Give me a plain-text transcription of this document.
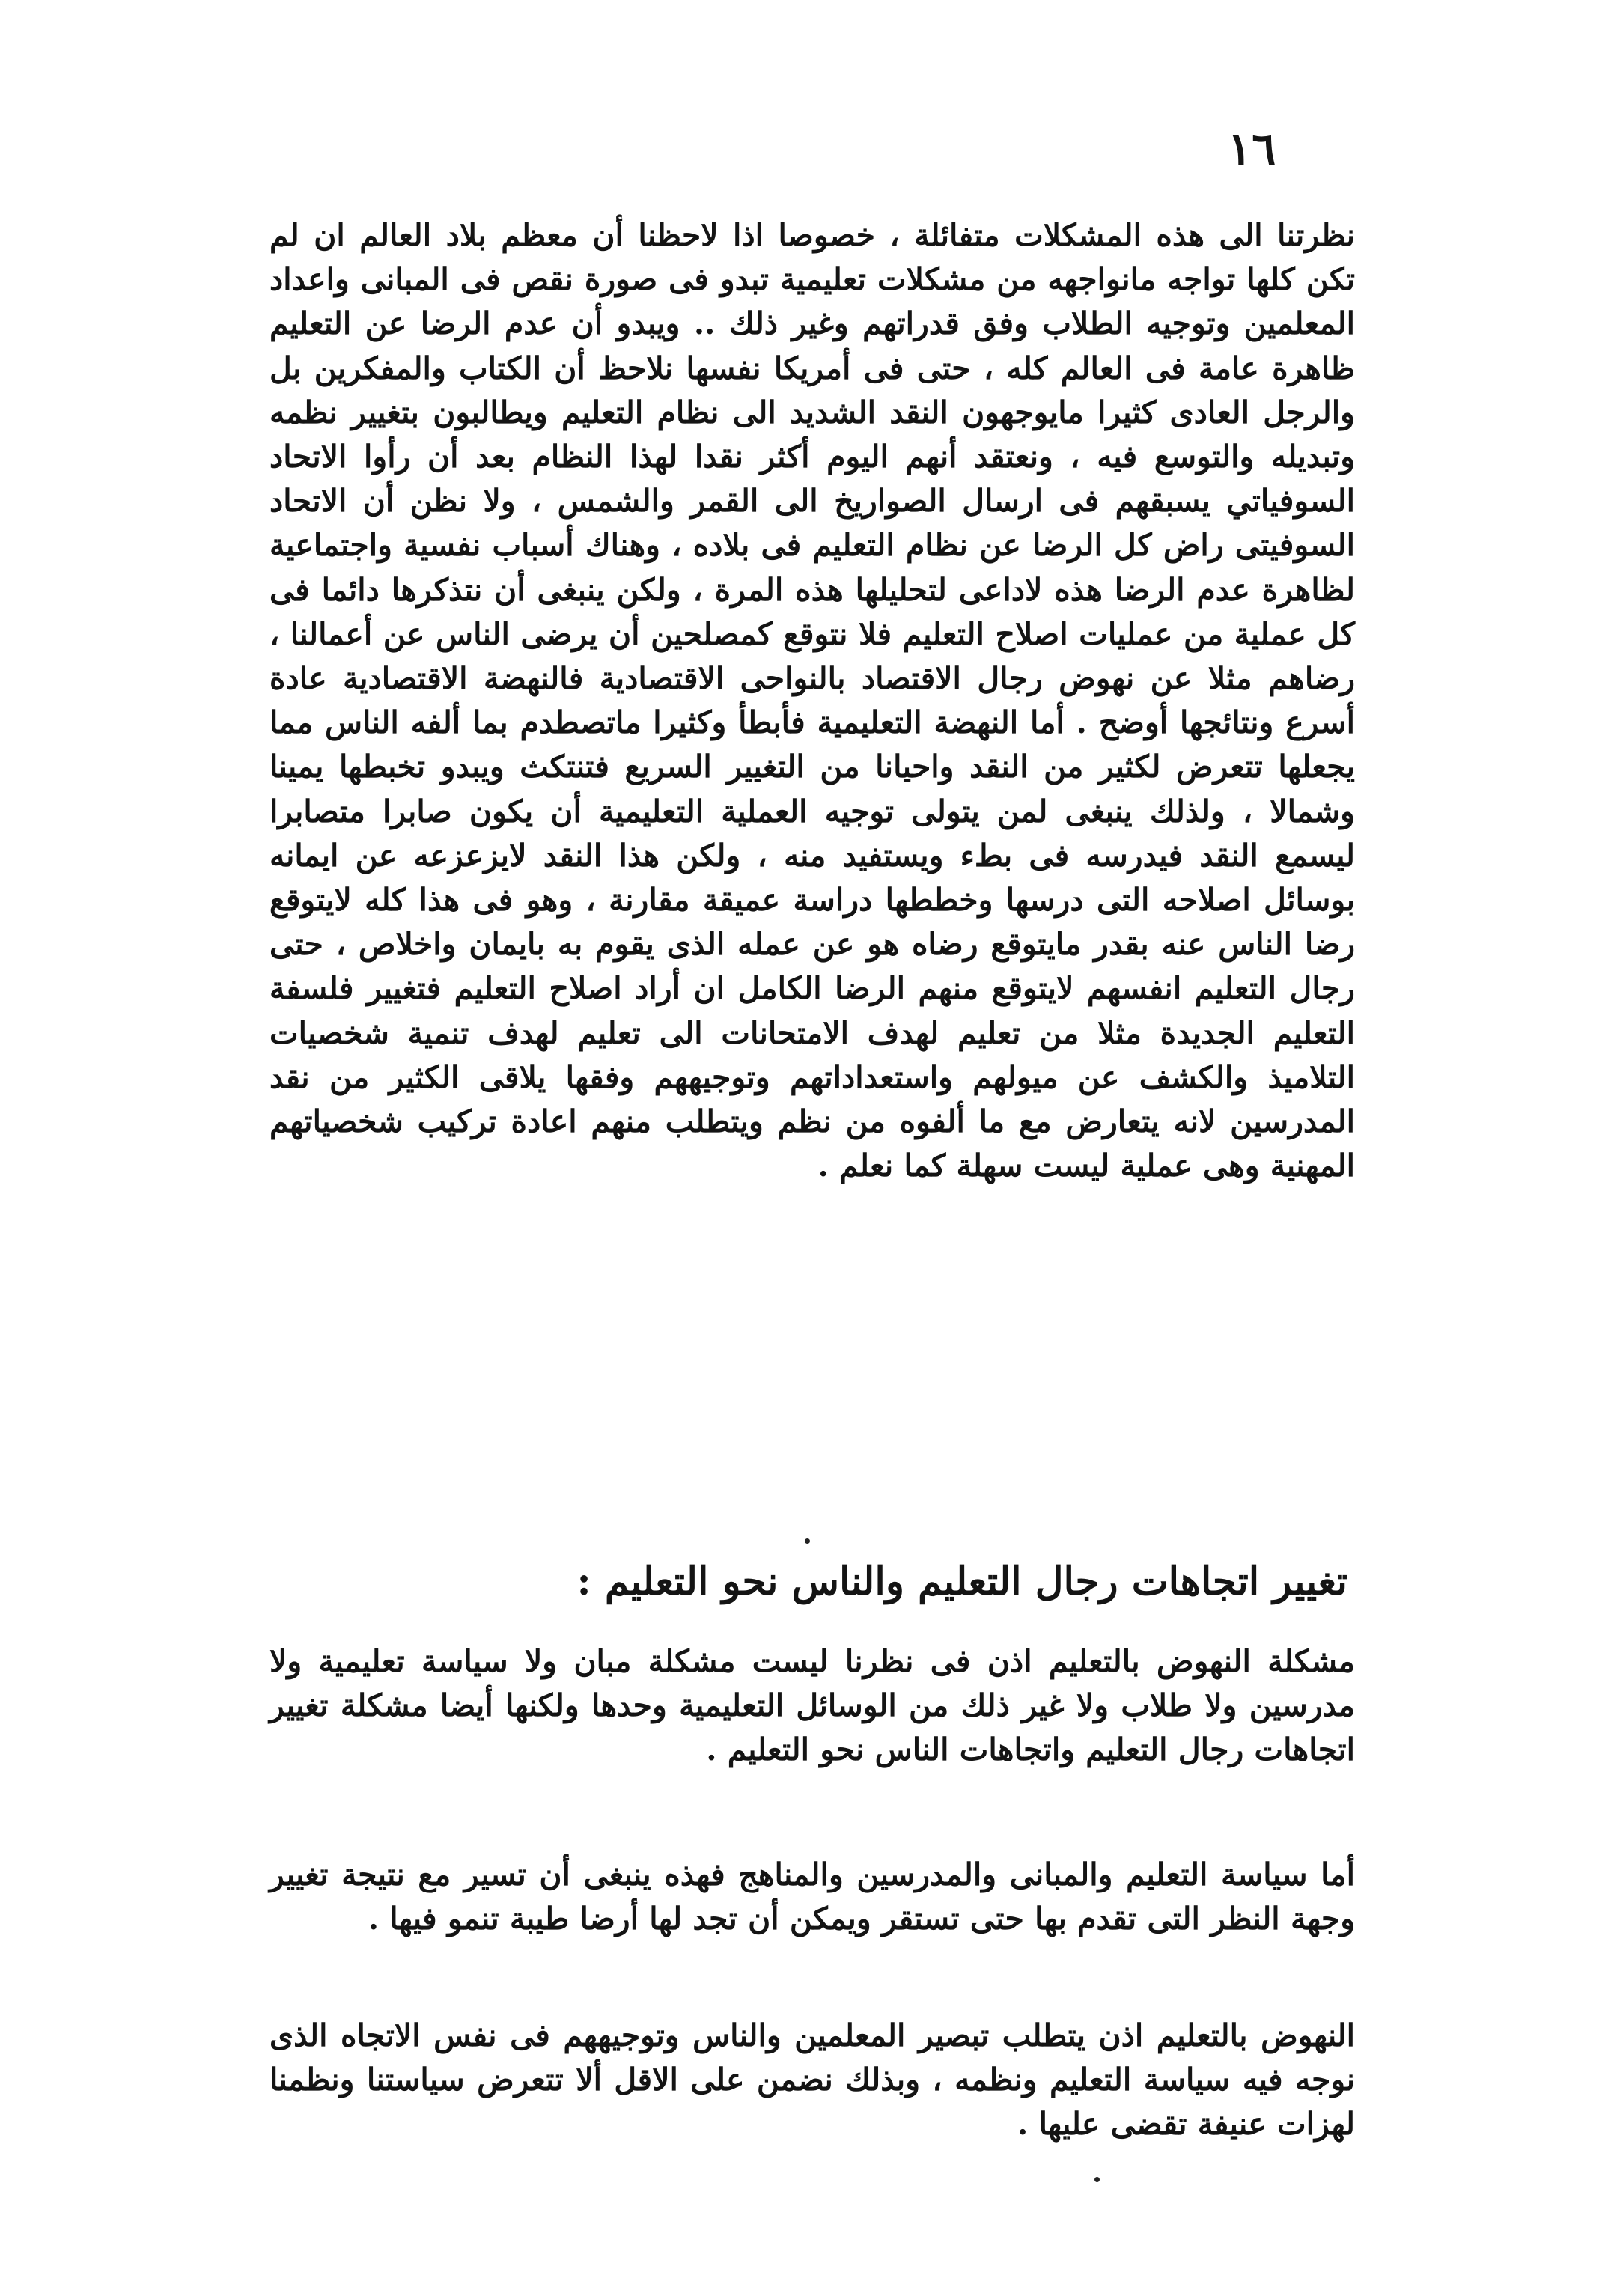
١٦
نظرتنا الى هذه المشكلات متفائلة ، خصوصا اذا لاحظنا أن معظم بلاد العالم ان لم تكن كلها تواجه مانواجهه من مشكلات تعليمية تبدو فى صورة نقص فى المبانى واعداد المعلمين وتوجيه الطلاب وفق قدراتهم وغير ذلك .. ويبدو أن عدم الرضا عن التعليم ظاهرة عامة فى العالم كله ، حتى فى أمريكا نفسها نلاحظ أن الكتاب والمفكرين بل والرجل العادى كثيرا مايوجهون النقد الشديد الى نظام التعليم ويطالبون بتغيير نظمه وتبديله والتوسع فيه ، ونعتقد أنهم اليوم أكثر نقدا لهذا النظام بعد أن رأوا الاتحاد السوفياتي يسبقهم فى ارسال الصواريخ الى القمر والشمس ، ولا نظن أن الاتحاد السوفيتى راض كل الرضا عن نظام التعليم فى بلاده ، وهناك أسباب نفسية واجتماعية لظاهرة عدم الرضا هذه لاداعى لتحليلها هذه المرة ، ولكن ينبغى أن نتذكرها دائما فى كل عملية من عمليات اصلاح التعليم فلا نتوقع كمصلحين أن يرضى الناس عن أعمالنا ، رضاهم مثلا عن نهوض رجال الاقتصاد بالنواحى الاقتصادية فالنهضة الاقتصادية عادة أسرع ونتائجها أوضح . أما النهضة التعليمية فأبطأ وكثيرا ماتصطدم بما ألفه الناس مما يجعلها تتعرض لكثير من النقد واحيانا من التغيير السريع فتنتكث ويبدو تخبطها يمينا وشمالا ، ولذلك ينبغى لمن يتولى توجيه العملية التعليمية أن يكون صابرا متصابرا ليسمع النقد فيدرسه فى بطء ويستفيد منه ، ولكن هذا النقد لايزعزعه عن ايمانه بوسائل اصلاحه التى درسها وخططها دراسة عميقة مقارنة ، وهو فى هذا كله لايتوقع رضا الناس عنه بقدر مايتوقع رضاه هو عن عمله الذى يقوم به بايمان واخلاص ، حتى رجال التعليم انفسهم لايتوقع منهم الرضا الكامل ان أراد اصلاح التعليم فتغيير فلسفة التعليم الجديدة مثلا من تعليم لهدف الامتحانات الى تعليم لهدف تنمية شخصيات التلاميذ والكشف عن ميولهم واستعداداتهم وتوجيههم وفقها يلاقى الكثير من نقد المدرسين لانه يتعارض مع ما ألفوه من نظم ويتطلب منهم اعادة تركيب شخصياتهم المهنية وهى عملية ليست سهلة كما نعلم .
تغيير اتجاهات رجال التعليم والناس نحو التعليم :
مشكلة النهوض بالتعليم اذن فى نظرنا ليست مشكلة مبان ولا سياسة تعليمية ولا مدرسين ولا طلاب ولا غير ذلك من الوسائل التعليمية وحدها ولكنها أيضا مشكلة تغيير اتجاهات رجال التعليم واتجاهات الناس نحو التعليم .
أما سياسة التعليم والمبانى والمدرسين والمناهج فهذه ينبغى أن تسير مع نتيجة تغيير وجهة النظر التى تقدم بها حتى تستقر ويمكن أن تجد لها أرضا طيبة تنمو فيها .
النهوض بالتعليم اذن يتطلب تبصير المعلمين والناس وتوجيههم فى نفس الاتجاه الذى نوجه فيه سياسة التعليم ونظمه ، وبذلك نضمن على الاقل ألا تتعرض سياستنا ونظمنا لهزات عنيفة تقضى عليها .
